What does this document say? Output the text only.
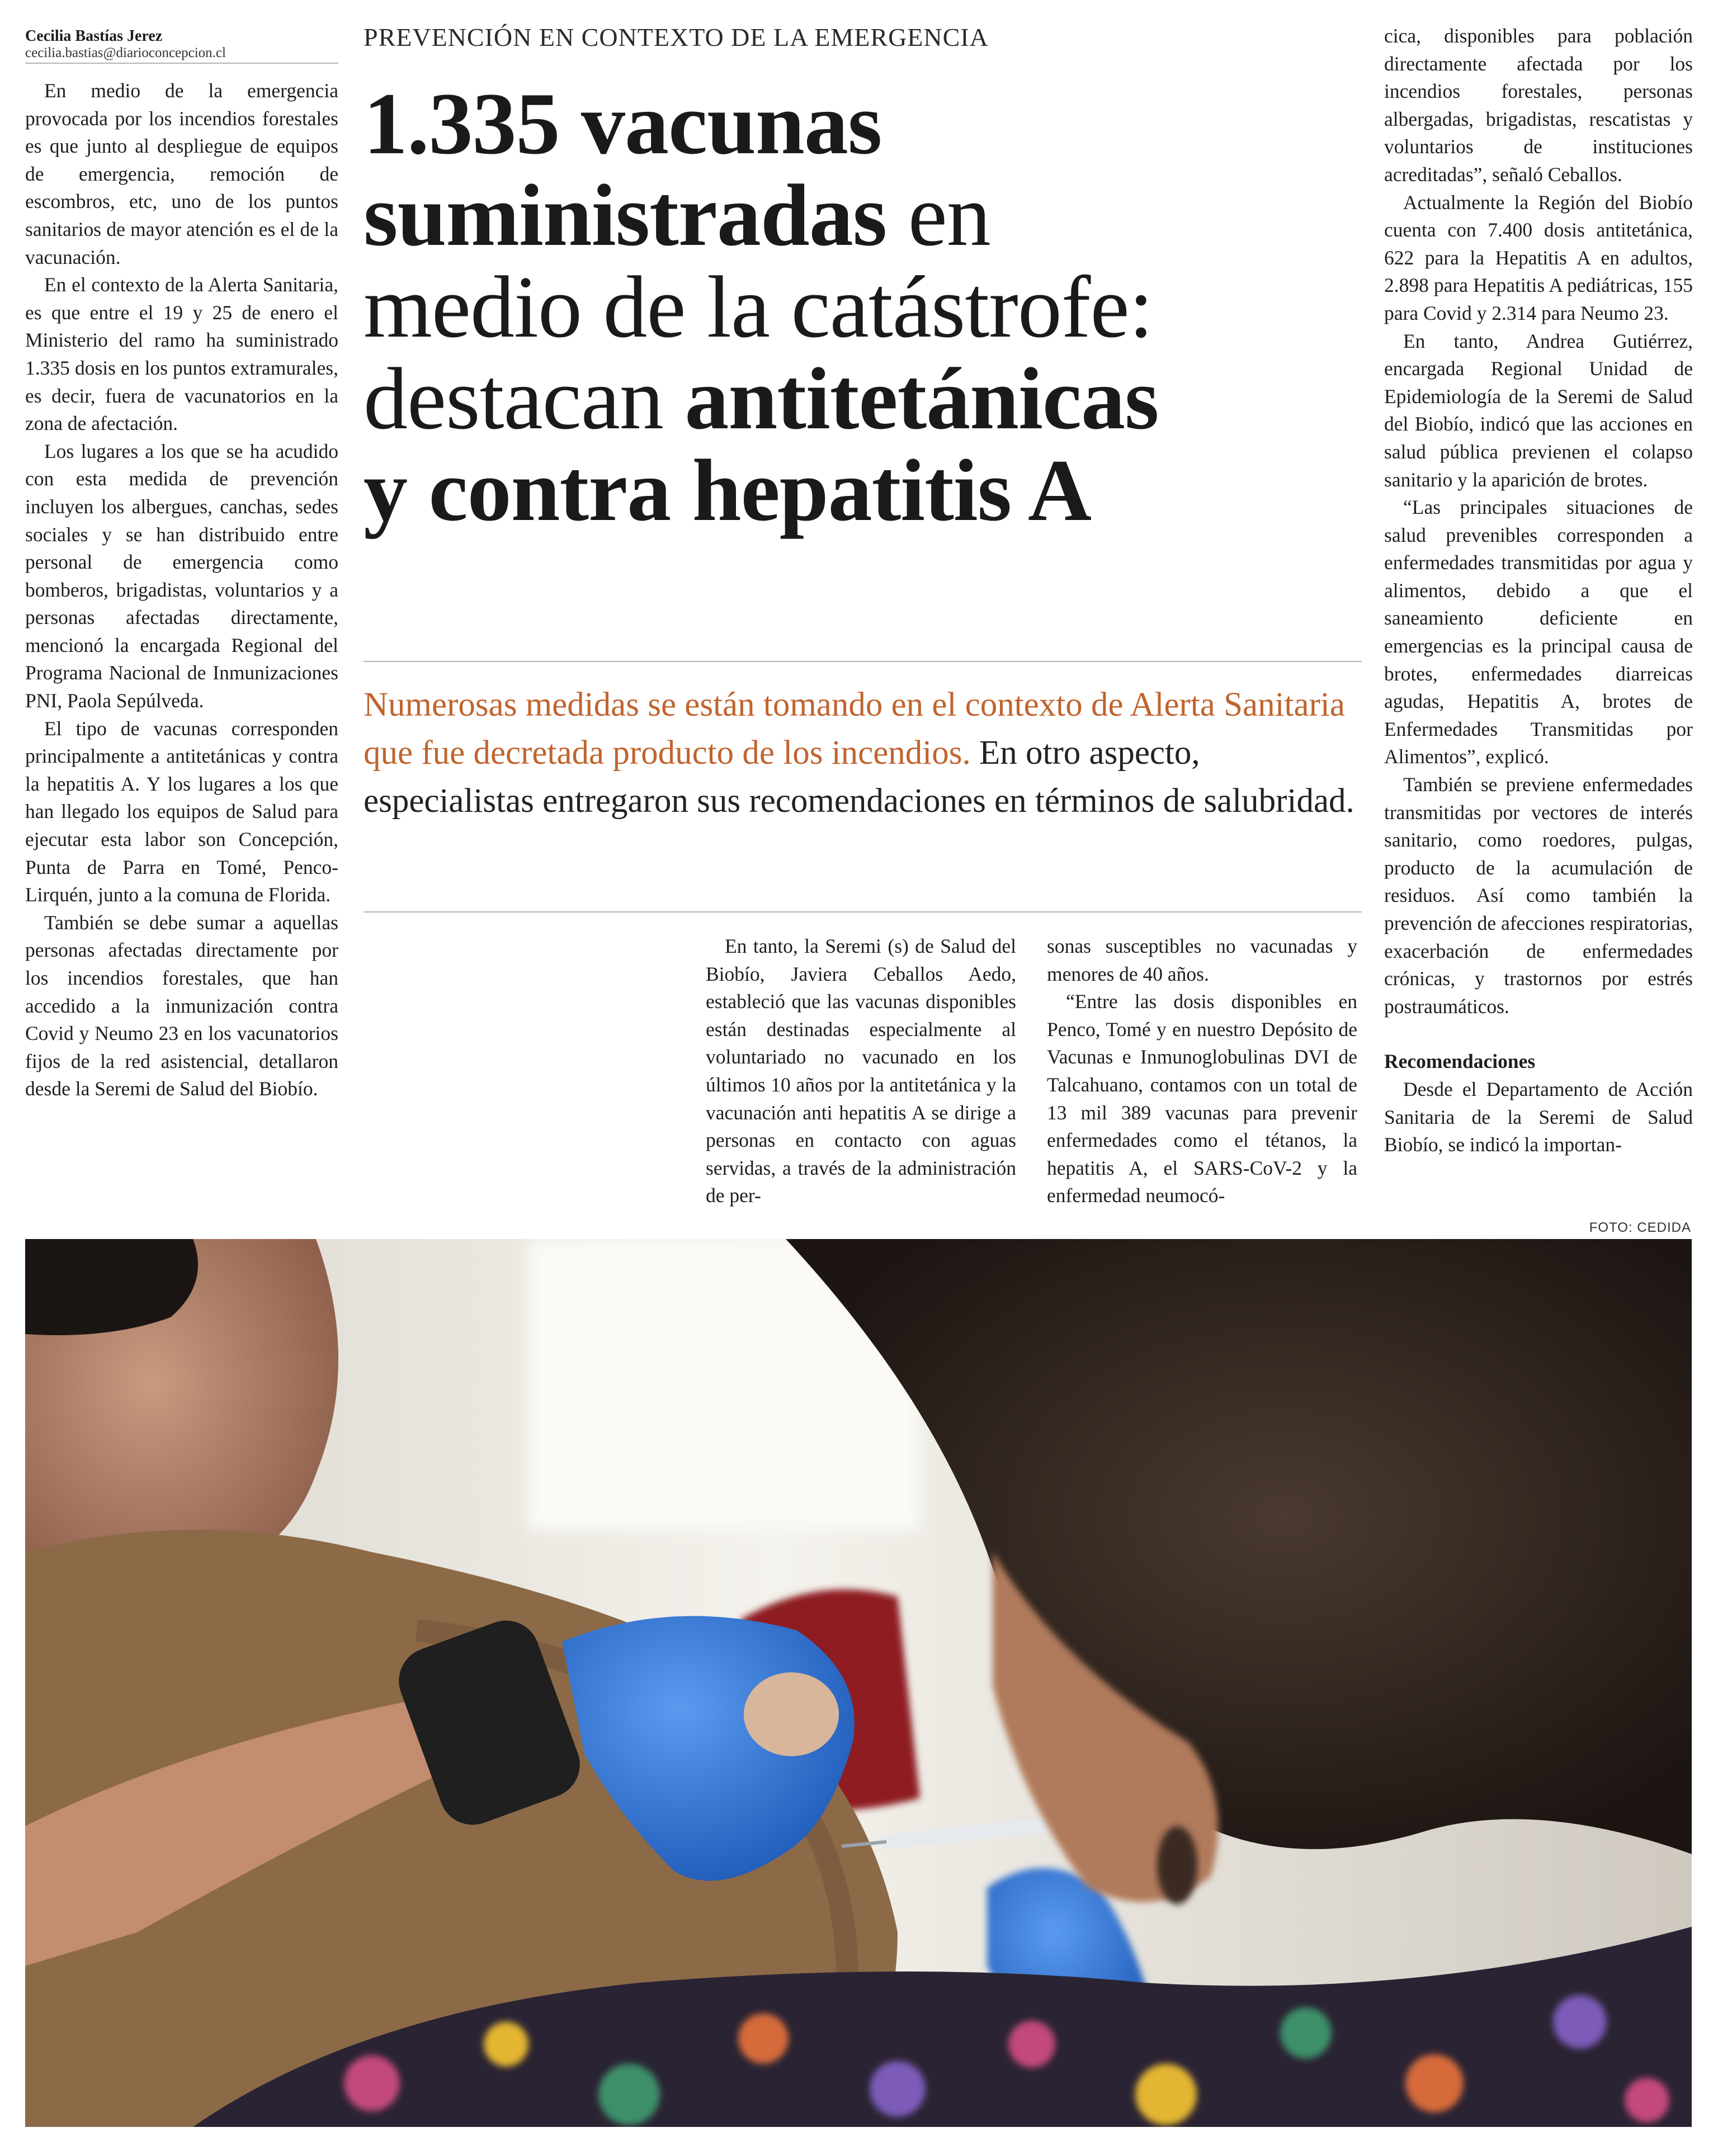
Cecilia Bastías Jerez
cecilia.bastias@diarioconcepcion.cl
PREVENCIÓN EN CONTEXTO DE LA EMERGENCIA
1.335 vacunas
suministradas en
medio de la catástrofe:
destacan antitetánicas
y contra hepatitis A
Numerosas medidas se están tomando en el contexto de Alerta Sanitaria que fue decretada producto de los incendios. En otro aspecto, especialistas entregaron sus recomendaciones en términos de salubridad.

En medio de la emergencia provocada por los incendios forestales es que junto al despliegue de equipos de emergencia, remoción de escombros, etc, uno de los puntos sanitarios de mayor atención es el de la vacunación.

En el contexto de la Alerta Sanitaria, es que entre el 19 y 25 de enero el Ministerio del ramo ha suministrado 1.335 dosis en los puntos extramurales, es decir, fuera de vacunatorios en la zona de afectación.

Los lugares a los que se ha acudido con esta medida de prevención incluyen los albergues, canchas, sedes sociales y se han distribuido entre personal de emergencia como bomberos, brigadistas, voluntarios y a personas afectadas directamente, mencionó la encargada Regional del Programa Nacional de Inmunizaciones PNI, Paola Sepúlveda.

El tipo de vacunas corresponden principalmente a antitetánicas y contra la hepatitis A. Y los lugares a los que han llegado los equipos de Salud para ejecutar esta labor son Concepción, Punta de Parra en Tomé, Penco- Lirquén, junto a la comuna de Florida.

También se debe sumar a aquellas personas afectadas directamente por los incendios forestales, que han accedido a la inmunización contra Covid y Neumo 23 en los vacunatorios fijos de la red asistencial, detallaron desde la Seremi de Salud del Biobío.

En tanto, la Seremi (s) de Salud del Biobío, Javiera Ceballos Aedo, estableció que las vacunas disponibles están destinadas especialmente al voluntariado no vacunado en los últimos 10 años por la antitetánica y la vacunación anti hepatitis A se dirige a personas en contacto con aguas servidas, a través de la administración de per-

sonas susceptibles no vacunadas y menores de 40 años.

“Entre las dosis disponibles en Penco, Tomé y en nuestro Depósito de Vacunas e Inmunoglobulinas DVI de Talcahuano, contamos con un total de 13 mil 389 vacunas para prevenir enfermedades como el tétanos, la hepatitis A, el SARS-CoV-2 y la enfermedad neumocó-

cica, disponibles para población directamente afectada por los incendios forestales, personas albergadas, brigadistas, rescatistas y voluntarios de instituciones acreditadas”, señaló Ceballos.

Actualmente la Región del Biobío cuenta con 7.400 dosis antitetánica, 622 para la Hepatitis A en adultos, 2.898 para Hepatitis A pediátricas, 155 para Covid y 2.314 para Neumo 23.

En tanto, Andrea Gutiérrez, encargada Regional Unidad de Epidemiología de la Seremi de Salud del Biobío, indicó que las acciones en salud pública previenen el colapso sanitario y la aparición de brotes.

“Las principales situaciones de salud prevenibles corresponden a enfermedades transmitidas por agua y alimentos, debido a que el saneamiento deficiente en emergencias es la principal causa de brotes, enfermedades diarreicas agudas, Hepatitis A, brotes de Enfermedades Transmitidas por Alimentos”, explicó.

También se previene enfermedades transmitidas por vectores de interés sanitario, como roedores, pulgas, producto de la acumulación de residuos. Así como también la prevención de afecciones respiratorias, exacerbación de enfermedades crónicas, y trastornos por estrés postraumáticos.

Recomendaciones

Desde el Departamento de Acción Sanitaria de la Seremi de Salud Biobío, se indicó la importan-

FOTO: CEDIDA
